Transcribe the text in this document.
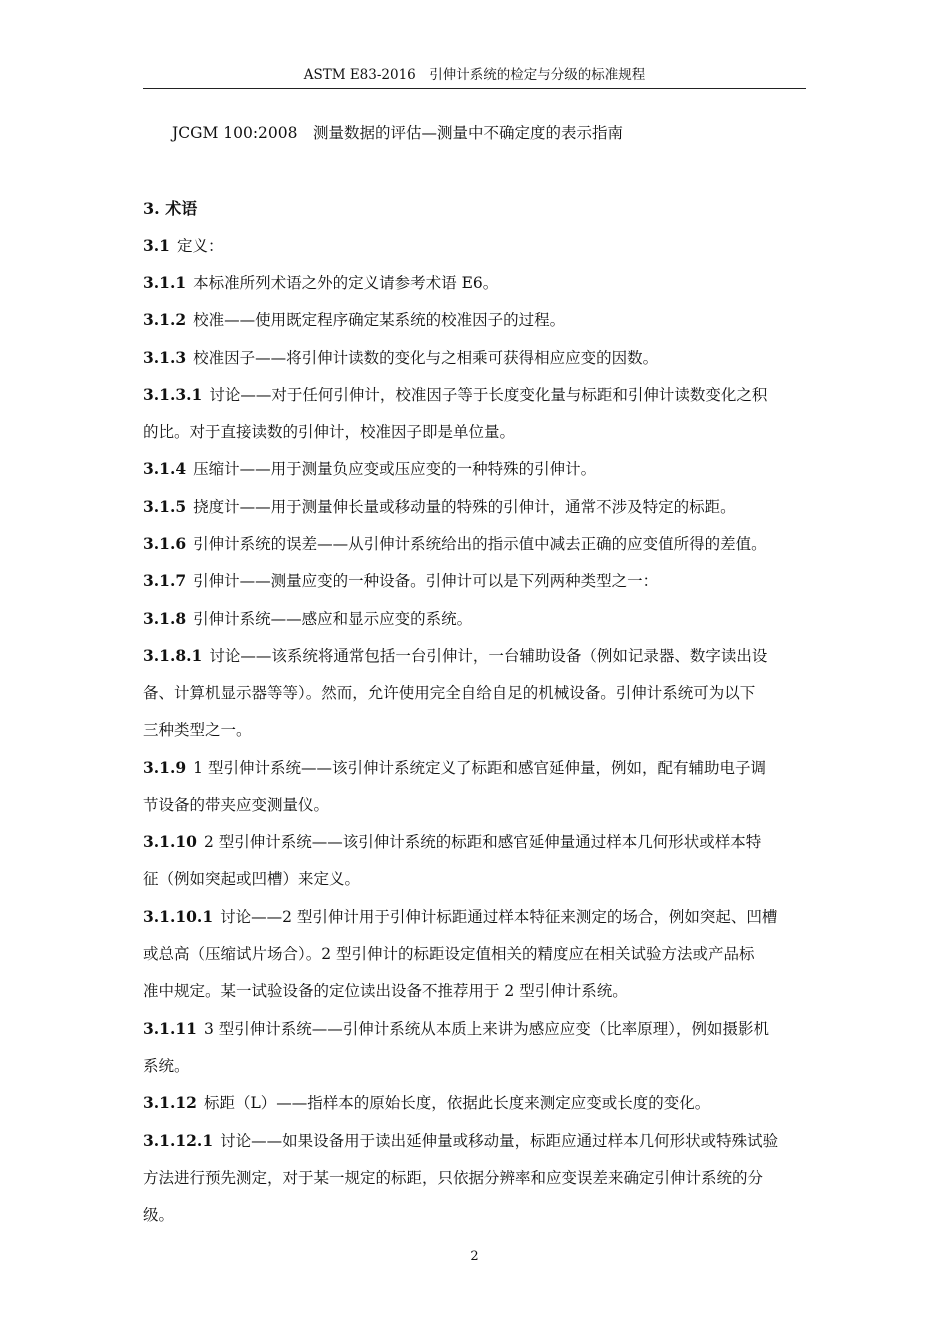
ASTM E83-2016　引伸计系统的检定与分级的标准规程
JCGM 100:2008　测量数据的评估—测量中不确定度的表示指南
3. 术语
3.1 定义：
3.1.1 本标准所列术语之外的定义请参考术语 E6。
3.1.2 校准——使用既定程序确定某系统的校准因子的过程。
3.1.3 校准因子——将引伸计读数的变化与之相乘可获得相应应变的因数。
3.1.3.1 讨论——对于任何引伸计，校准因子等于长度变化量与标距和引伸计读数变化之积
的比。对于直接读数的引伸计，校准因子即是单位量。
3.1.4 压缩计——用于测量负应变或压应变的一种特殊的引伸计。
3.1.5 挠度计——用于测量伸长量或移动量的特殊的引伸计，通常不涉及特定的标距。
3.1.6 引伸计系统的误差——从引伸计系统给出的指示值中减去正确的应变值所得的差值。
3.1.7 引伸计——测量应变的一种设备。引伸计可以是下列两种类型之一：
3.1.8 引伸计系统——感应和显示应变的系统。
3.1.8.1 讨论——该系统将通常包括一台引伸计，一台辅助设备（例如记录器、数字读出设
备、计算机显示器等等）。然而，允许使用完全自给自足的机械设备。引伸计系统可为以下
三种类型之一。
3.1.9 1 型引伸计系统——该引伸计系统定义了标距和感官延伸量，例如，配有辅助电子调
节设备的带夹应变测量仪。
3.1.10 2 型引伸计系统——该引伸计系统的标距和感官延伸量通过样本几何形状或样本特
征（例如突起或凹槽）来定义。
3.1.10.1 讨论——2 型引伸计用于引伸计标距通过样本特征来测定的场合，例如突起、凹槽
或总高（压缩试片场合）。2 型引伸计的标距设定值相关的精度应在相关试验方法或产品标
准中规定。某一试验设备的定位读出设备不推荐用于 2 型引伸计系统。
3.1.11 3 型引伸计系统——引伸计系统从本质上来讲为感应应变（比率原理），例如摄影机
系统。
3.1.12 标距（L）——指样本的原始长度，依据此长度来测定应变或长度的变化。
3.1.12.1 讨论——如果设备用于读出延伸量或移动量，标距应通过样本几何形状或特殊试验
方法进行预先测定，对于某一规定的标距，只依据分辨率和应变误差来确定引伸计系统的分
级。
2
